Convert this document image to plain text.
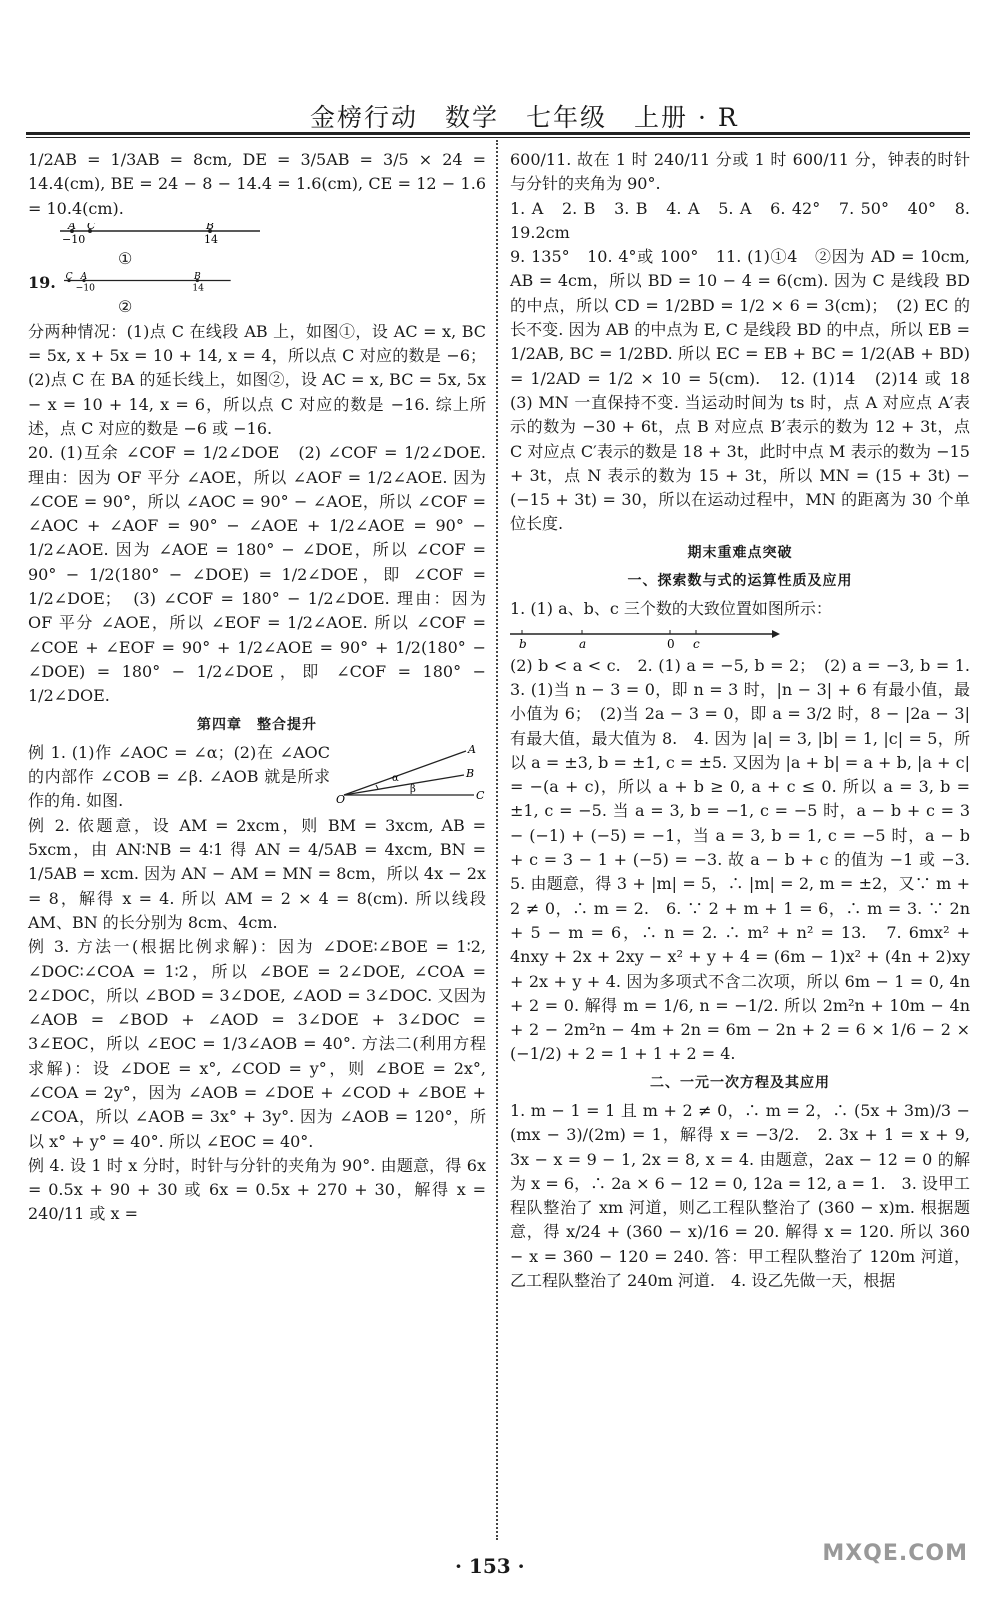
金榜行动　数学　七年级　上册 · R

1/2AB = 1/3AB = 8cm, DE = 3/5AB = 3/5 × 24 = 14.4(cm), BE = 24 − 8 − 14.4 = 1.6(cm), CE = 12 − 1.6 = 10.4(cm).

A C	B
−10	14

①

19. C A	B
−10	14

②

分两种情况：(1)点 C 在线段 AB 上，如图①，设 AC = x, BC = 5x, x + 5x = 10 + 14, x = 4，所以点 C 对应的数是 −6；(2)点 C 在 BA 的延长线上，如图②，设 AC = x, BC = 5x, 5x − x = 10 + 14, x = 6，所以点 C 对应的数是 −16. 综上所述，点 C 对应的数是 −6 或 −16.

20. (1)互余 ∠COF = 1/2∠DOE　(2) ∠COF = 1/2∠DOE. 理由：因为 OF 平分 ∠AOE，所以 ∠AOF = 1/2∠AOE. 因为 ∠COE = 90°，所以 ∠AOC = 90° − ∠AOE，所以 ∠COF = ∠AOC + ∠AOF = 90° − ∠AOE + 1/2∠AOE = 90° − 1/2∠AOE. 因为 ∠AOE = 180° − ∠DOE，所以 ∠COF = 90° − 1/2(180° − ∠DOE) = 1/2∠DOE，即 ∠COF = 1/2∠DOE；　(3) ∠COF = 180° − 1/2∠DOE. 理由：因为 OF 平分 ∠AOE，所以 ∠EOF = 1/2∠AOE. 所以 ∠COF = ∠COE + ∠EOF = 90° + 1/2∠AOE = 90° + 1/2(180° − ∠DOE) = 180° − 1/2∠DOE，即 ∠COF = 180° − 1/2∠DOE.

第四章　整合提升

A
B
C
O
α
β

例 1. (1)作 ∠AOC = ∠α；(2)在 ∠AOC 的内部作 ∠COB = ∠β. ∠AOB 就是所求作的角. 如图.

例 2. 依题意，设 AM = 2xcm，则 BM = 3xcm, AB = 5xcm，由 AN∶NB = 4∶1 得 AN = 4/5AB = 4xcm, BN = 1/5AB = xcm. 因为 AN − AM = MN = 8cm，所以 4x − 2x = 8，解得 x = 4. 所以 AM = 2 × 4 = 8(cm). 所以线段 AM、BN 的长分别为 8cm、4cm.

例 3. 方法一(根据比例求解)：因为 ∠DOE∶∠BOE = 1∶2, ∠DOC∶∠COA = 1∶2，所以 ∠BOE = 2∠DOE, ∠COA = 2∠DOC，所以 ∠BOD = 3∠DOE, ∠AOD = 3∠DOC. 又因为 ∠AOB = ∠BOD + ∠AOD = 3∠DOE + 3∠DOC = 3∠EOC，所以 ∠EOC = 1/3∠AOB = 40°. 方法二(利用方程求解)：设 ∠DOE = x°, ∠COD = y°，则 ∠BOE = 2x°, ∠COA = 2y°，因为 ∠AOB = ∠DOE + ∠COD + ∠BOE + ∠COA，所以 ∠AOB = 3x° + 3y°. 因为 ∠AOB = 120°，所以 x° + y° = 40°. 所以 ∠EOC = 40°.

例 4. 设 1 时 x 分时，时针与分针的夹角为 90°. 由题意，得 6x = 0.5x + 90 + 30 或 6x = 0.5x + 270 + 30，解得 x = 240/11 或 x =

600/11. 故在 1 时 240/11 分或 1 时 600/11 分，钟表的时针与分针的夹角为 90°.

1. A　2. B　3. B　4. A　5. A　6. 42°　7. 50°　40°　8. 19.2cm

9. 135°　10. 4°或 100°　11. (1)①4　②因为 AD = 10cm, AB = 4cm，所以 BD = 10 − 4 = 6(cm). 因为 C 是线段 BD 的中点，所以 CD = 1/2BD = 1/2 × 6 = 3(cm)；　(2) EC 的长不变. 因为 AB 的中点为 E, C 是线段 BD 的中点，所以 EB = 1/2AB, BC = 1/2BD. 所以 EC = EB + BC = 1/2(AB + BD) = 1/2AD = 1/2 × 10 = 5(cm).　12. (1)14　(2)14 或 18　(3) MN 一直保持不变. 当运动时间为 ts 时，点 A 对应点 A′表示的数为 −30 + 6t，点 B 对应点 B′表示的数为 12 + 3t，点 C 对应点 C′表示的数是 18 + 3t，此时中点 M 表示的数为 −15 + 3t，点 N 表示的数为 15 + 3t，所以 MN = (15 + 3t) − (−15 + 3t) = 30，所以在运动过程中，MN 的距离为 30 个单位长度.

期末重难点突破

一、探索数与式的运算性质及应用

1. (1) a、b、c 三个数的大致位置如图所示：

b	a	0 c

(2) b < a < c.　2. (1) a = −5, b = 2；　(2) a = −3, b = 1.　3. (1)当 n − 3 = 0，即 n = 3 时，|n − 3| + 6 有最小值，最小值为 6；　(2)当 2a − 3 = 0，即 a = 3/2 时，8 − |2a − 3| 有最大值，最大值为 8.　4. 因为 |a| = 3, |b| = 1, |c| = 5，所以 a = ±3, b = ±1, c = ±5. 又因为 |a + b| = a + b, |a + c| = −(a + c)，所以 a + b ≥ 0, a + c ≤ 0. 所以 a = 3, b = ±1, c = −5. 当 a = 3, b = −1, c = −5 时，a − b + c = 3 − (−1) + (−5) = −1，当 a = 3, b = 1, c = −5 时，a − b + c = 3 − 1 + (−5) = −3. 故 a − b + c 的值为 −1 或 −3.　5. 由题意，得 3 + |m| = 5，∴ |m| = 2, m = ±2，又∵ m + 2 ≠ 0，∴ m = 2.　6. ∵ 2 + m + 1 = 6，∴ m = 3. ∵ 2n + 5 − m = 6，∴ n = 2. ∴ m² + n² = 13.　7. 6mx² + 4nxy + 2x + 2xy − x² + y + 4 = (6m − 1)x² + (4n + 2)xy + 2x + y + 4. 因为多项式不含二次项，所以 6m − 1 = 0, 4n + 2 = 0. 解得 m = 1/6, n = −1/2. 所以 2m²n + 10m − 4n + 2 − 2m²n − 4m + 2n = 6m − 2n + 2 = 6 × 1/6 − 2 × (−1/2) + 2 = 1 + 1 + 2 = 4.

二、一元一次方程及其应用

1. m − 1 = 1 且 m + 2 ≠ 0，∴ m = 2，∴ (5x + 3m)/3 − (mx − 3)/(2m) = 1，解得 x = −3/2.　2. 3x + 1 = x + 9, 3x − x = 9 − 1, 2x = 8, x = 4. 由题意，2ax − 12 = 0 的解为 x = 6，∴ 2a × 6 − 12 = 0, 12a = 12, a = 1.　3. 设甲工程队整治了 xm 河道，则乙工程队整治了 (360 − x)m. 根据题意，得 x/24 + (360 − x)/16 = 20. 解得 x = 120. 所以 360 − x = 360 − 120 = 240. 答：甲工程队整治了 120m 河道，乙工程队整治了 240m 河道.　4. 设乙先做一天，根据

· 153 ·	MXQE.COM
